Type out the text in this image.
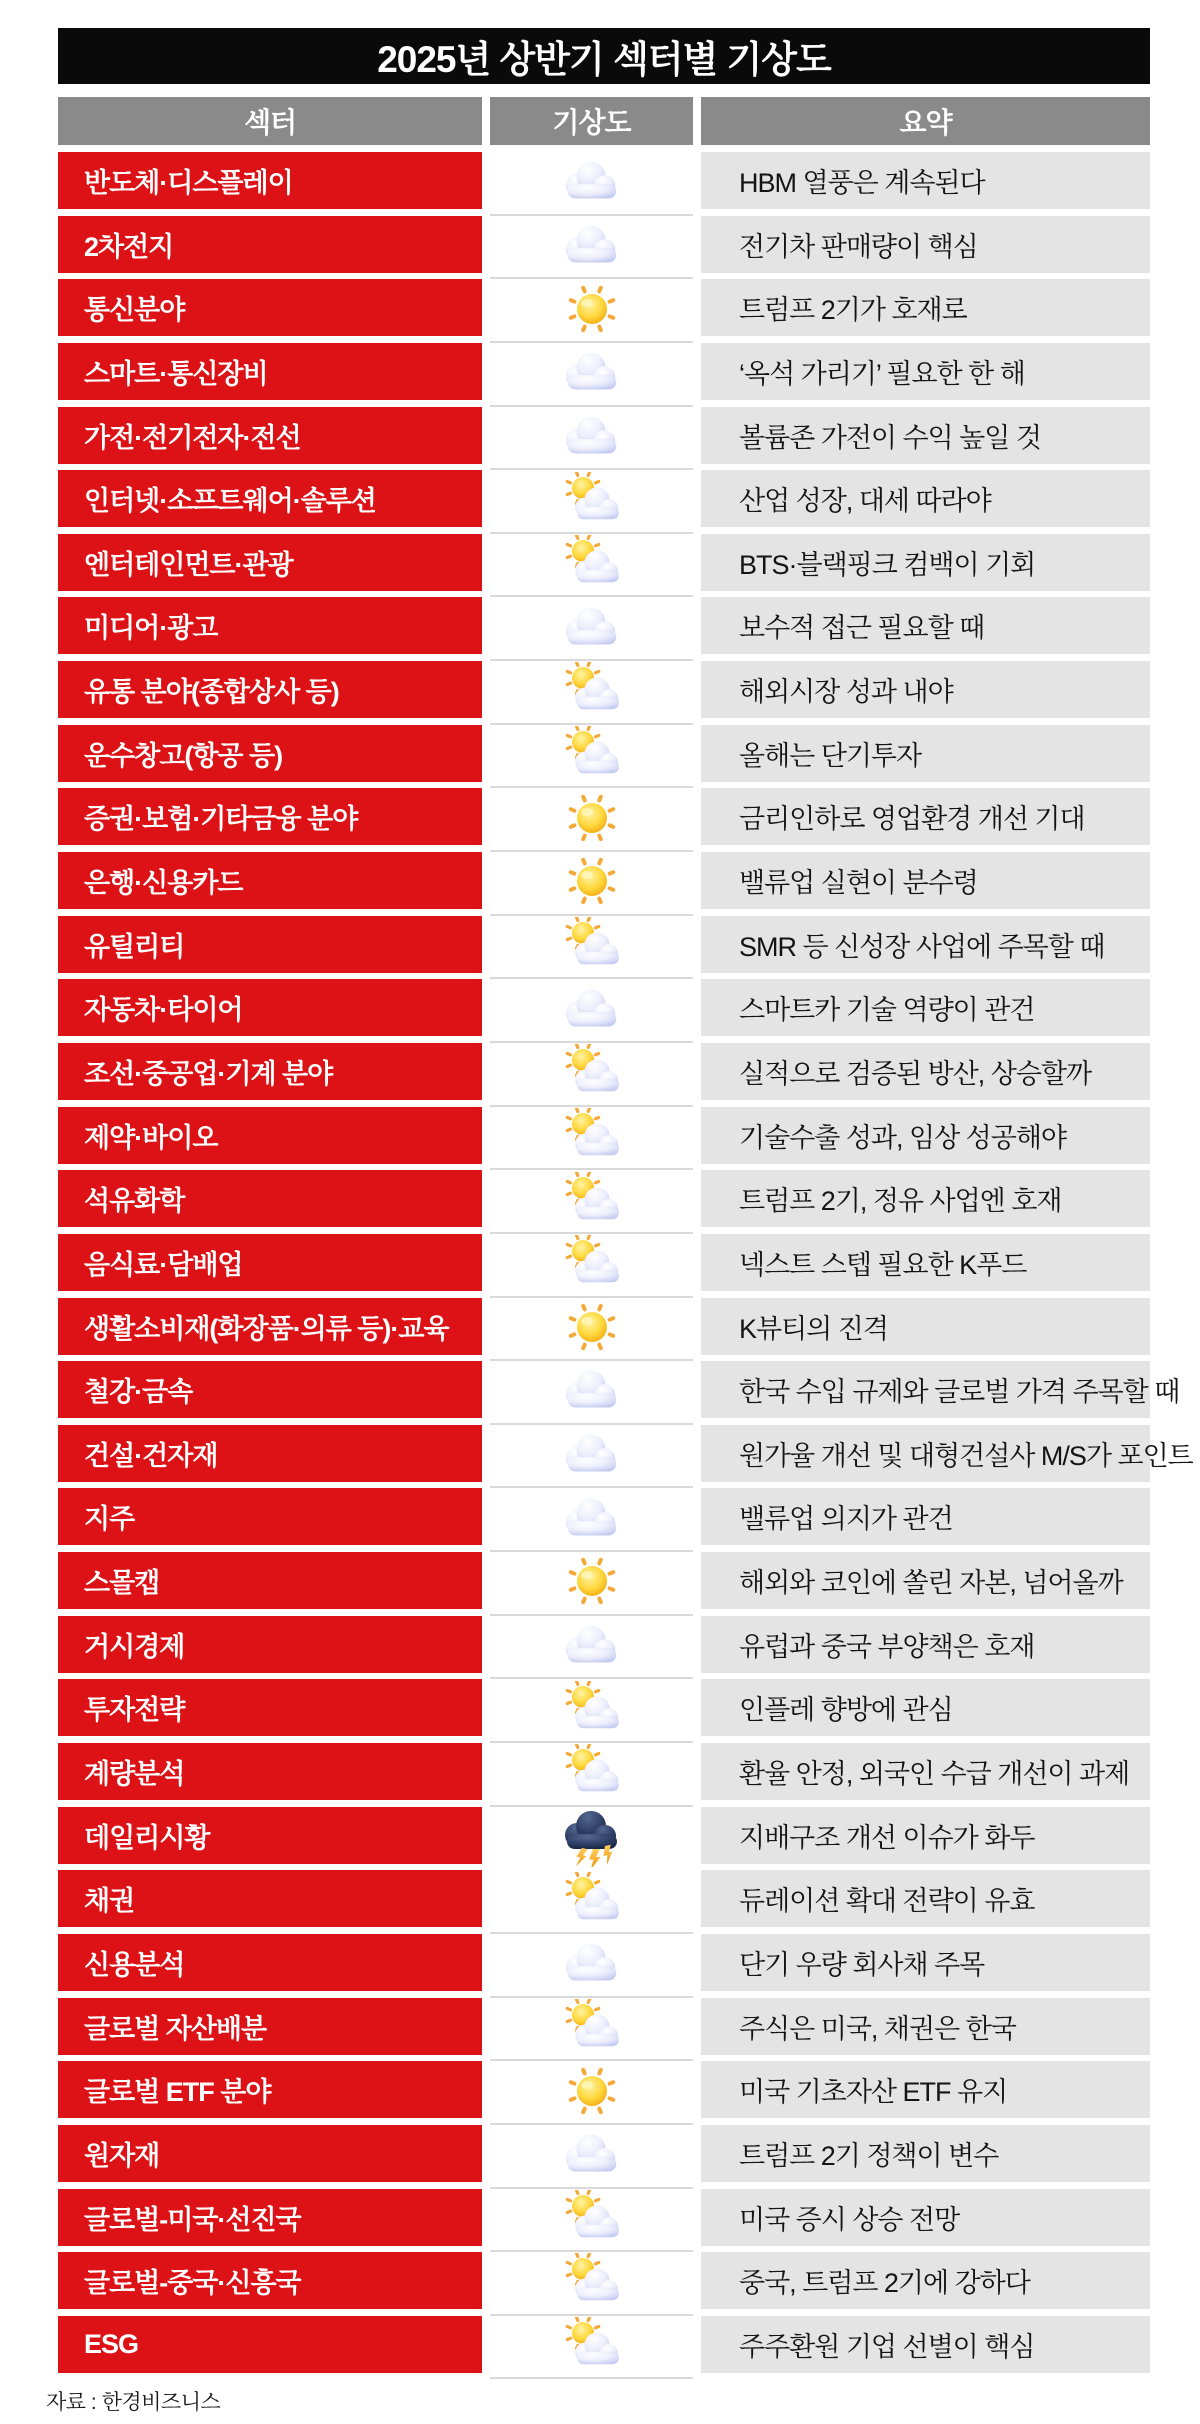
2025년 상반기 섹터별 기상도
섹터	기상도	요약
반도체·디스플레이	HBM 열풍은 계속된다
2차전지	전기차 판매량이 핵심
통신분야	트럼프 2기가 호재로
스마트·통신장비	‘옥석 가리기’ 필요한 한 해
가전·전기전자·전선	볼륨존 가전이 수익 높일 것
인터넷·소프트웨어·솔루션	산업 성장, 대세 따라야
엔터테인먼트·관광	BTS·블랙핑크 컴백이 기회
미디어·광고	보수적 접근 필요할 때
유통 분야(종합상사 등)	해외시장 성과 내야
운수창고(항공 등)	올해는 단기투자
증권·보험·기타금융 분야	금리인하로 영업환경 개선 기대
은행·신용카드	밸류업 실현이 분수령
유틸리티	SMR 등 신성장 사업에 주목할 때
자동차·타이어	스마트카 기술 역량이 관건
조선·중공업·기계 분야	실적으로 검증된 방산, 상승할까
제약·바이오	기술수출 성과, 임상 성공해야
석유화학	트럼프 2기, 정유 사업엔 호재
음식료·담배업	넥스트 스텝 필요한 K푸드
생활소비재(화장품·의류 등)·교육	K뷰티의 진격
철강·금속	한국 수입 규제와 글로벌 가격 주목할 때
건설·건자재	원가율 개선 및 대형건설사 M/S가 포인트
지주	밸류업 의지가 관건
스몰캡	해외와 코인에 쏠린 자본, 넘어올까
거시경제	유럽과 중국 부양책은 호재
투자전략	인플레 향방에 관심
계량분석	환율 안정, 외국인 수급 개선이 과제
데일리시황	지배구조 개선 이슈가 화두
채권	듀레이션 확대 전략이 유효
신용분석	단기 우량 회사채 주목
글로벌 자산배분	주식은 미국, 채권은 한국
글로벌 ETF 분야	미국 기초자산 ETF 유지
원자재	트럼프 2기 정책이 변수
글로벌-미국·선진국	미국 증시 상승 전망
글로벌-중국·신흥국	중국, 트럼프 2기에 강하다
ESG	주주환원 기업 선별이 핵심
자료 : 한경비즈니스
